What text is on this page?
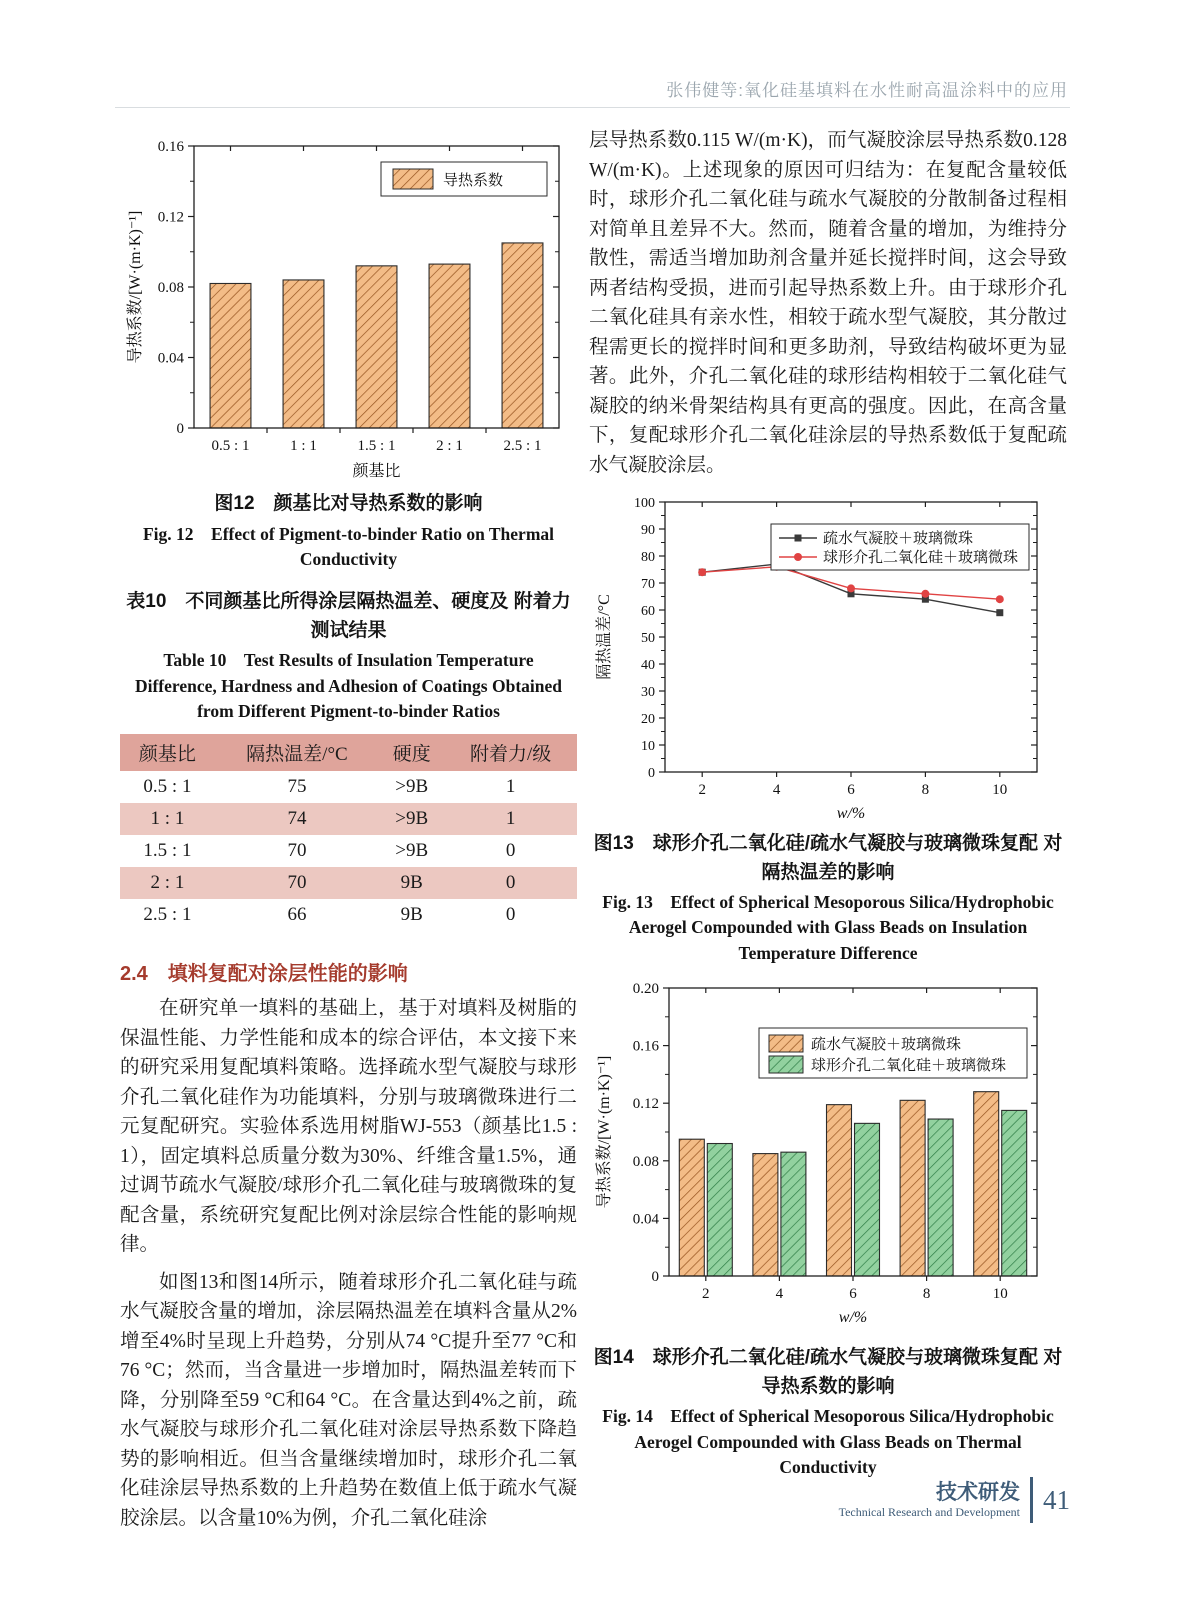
张伟健等:氧化硅基填料在水性耐高温涂料中的应用
0
0.04
0.08
0.12
0.16
0.5 : 1	1 : 1	1.5 : 1	2 : 1	2.5 : 1
导热系数
颜基比
导热系数/[W·(m·K)⁻¹]
图12　颜基比对导热系数的影响
Fig. 12　Effect of Pigment-to-binder Ratio on Thermal Conductivity
表10　不同颜基比所得涂层隔热温差、硬度及 附着力测试结果
Table 10　Test Results of Insulation Temperature Difference, Hardness and Adhesion of Coatings Obtained from Different Pigment-to-binder Ratios
颜基比	隔热温差/°C	硬度	附着力/级
0.5 : 1	75	>9B	1
1 : 1	74	>9B	1
1.5 : 1	70	>9B	0
2 : 1	70	9B	0
2.5 : 1	66	9B	0
2.4　填料复配对涂层性能的影响

在研究单一填料的基础上，基于对填料及树脂的保温性能、力学性能和成本的综合评估，本文接下来的研究采用复配填料策略。选择疏水型气凝胶与球形介孔二氧化硅作为功能填料，分别与玻璃微珠进行二元复配研究。实验体系选用树脂WJ-553（颜基比1.5 : 1），固定填料总质量分数为30%、纤维含量1.5%，通过调节疏水气凝胶/球形介孔二氧化硅与玻璃微珠的复配含量，系统研究复配比例对涂层综合性能的影响规律。

如图13和图14所示，随着球形介孔二氧化硅与疏水气凝胶含量的增加，涂层隔热温差在填料含量从2%增至4%时呈现上升趋势，分别从74 °C提升至77 °C和76 °C；然而，当含量进一步增加时，隔热温差转而下降，分别降至59 °C和64 °C。在含量达到4%之前，疏水气凝胶与球形介孔二氧化硅对涂层导热系数下降趋势的影响相近。但当含量继续增加时，球形介孔二氧化硅涂层导热系数的上升趋势在数值上低于疏水气凝胶涂层。以含量10%为例，介孔二氧化硅涂

层导热系数0.115 W/(m·K)，而气凝胶涂层导热系数0.128 W/(m·K)。上述现象的原因可归结为：在复配含量较低时，球形介孔二氧化硅与疏水气凝胶的分散制备过程相对简单且差异不大。然而，随着含量的增加，为维持分散性，需适当增加助剂含量并延长搅拌时间，这会导致两者结构受损，进而引起导热系数上升。由于球形介孔二氧化硅具有亲水性，相较于疏水型气凝胶，其分散过程需更长的搅拌时间和更多助剂，导致结构破坏更为显著。此外，介孔二氧化硅的球形结构相较于二氧化硅气凝胶的纳米骨架结构具有更高的强度。因此，在高含量下，复配球形介孔二氧化硅涂层的导热系数低于复配疏水气凝胶涂层。

0
10
20
30
40
50
60
70
80
90
100
2	4	6	8	10
疏水气凝胶＋玻璃微珠
球形介孔二氧化硅＋玻璃微珠
w/%
隔热温差/°C
图13　球形介孔二氧化硅/疏水气凝胶与玻璃微珠复配 对隔热温差的影响
Fig. 13　Effect of Spherical Mesoporous Silica/Hydrophobic Aerogel Compounded with Glass Beads on Insulation Temperature Difference
0
0.04
0.08
0.12
0.16
0.20
2	4	6	8	10
疏水气凝胶＋玻璃微珠
球形介孔二氧化硅＋玻璃微珠
w/%
导热系数/[W·(m·K)⁻¹]
图14　球形介孔二氧化硅/疏水气凝胶与玻璃微珠复配 对导热系数的影响
Fig. 14　Effect of Spherical Mesoporous Silica/Hydrophobic Aerogel Compounded with Glass Beads on Thermal Conductivity
技术研发
Technical Research and Development 41
